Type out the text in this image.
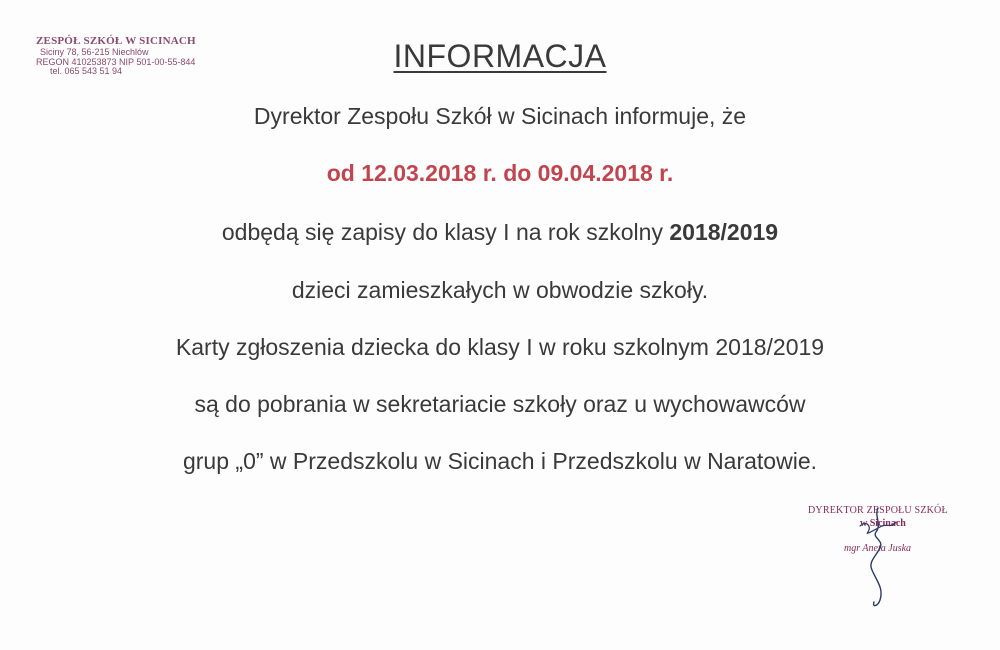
ZESPÓŁ SZKÓŁ W SICINACH
Siciny 78, 56-215 Niechlów
REGON 410253873 NIP 501-00-55-844
tel. 065 543 51 94	INFORMACJA
Dyrektor Zespołu Szkół w Sicinach informuje, że
od 12.03.2018 r. do 09.04.2018 r.
odbędą się zapisy do klasy I na rok szkolny 2018/2019
dzieci zamieszkałych w obwodzie szkoły.
Karty zgłoszenia dziecka do klasy I w roku szkolnym 2018/2019
są do pobrania w sekretariacie szkoły oraz u wychowawców
grup „0” w Przedszkolu w Sicinach i Przedszkolu w Naratowie.
DYREKTOR ZESPOŁU SZKÓŁ
w Sicinach
mgr Aneta Juska
